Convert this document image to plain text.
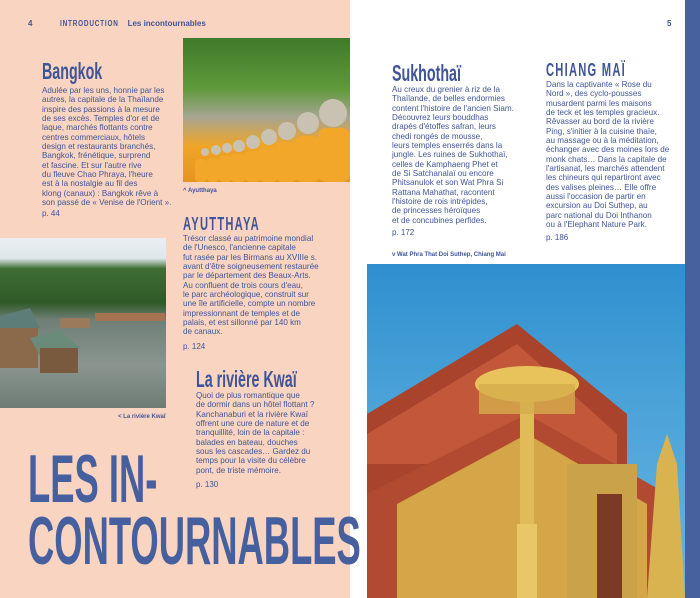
4	INTRODUCTION Les incontournables	5
Bangkok
Adulée par les uns, honnie par les
autres, la capitale de la Thaïlande
inspire des passions à la mesure
de ses excès. Temples d'or et de
laque, marchés flottants contre
centres commerciaux, hôtels
design et restaurants branchés,
Bangkok, frénétique, surprend
et fascine. Et sur l'autre rive
du fleuve Chao Phraya, l'heure
est à la nostalgie au fil des
klong (canaux) : Bangkok rêve à
son passé de « Venise de l'Orient ».
p. 44
^ Ayutthaya
AYUTTHAYA
Trésor classé au patrimoine mondial
de l'Unesco, l'ancienne capitale
fut rasée par les Birmans au XVIIIe s.
avant d'être soigneusement restaurée
par le département des Beaux-Arts.
Au confluent de trois cours d'eau,
le parc archéologique, construit sur
une île artificielle, compte un nombre
impressionnant de temples et de
palais, et est sillonné par 140 km
de canaux.
p. 124
< La rivière Kwaï
La rivière Kwaï
Quoi de plus romantique que
de dormir dans un hôtel flottant ?
Kanchanaburi et la rivière Kwaï
offrent une cure de nature et de
tranquillité, loin de la capitale :
balades en bateau, douches
sous les cascades… Gardez du
temps pour la visite du célèbre
pont, de triste mémoire.
p. 130
LES IN-
CONTOURNABLES
Sukhothaï
Au creux du grenier à riz de la
Thaïlande, de belles endormies
content l'histoire de l'ancien Siam.
Découvrez leurs bouddhas
drapés d'étoffes safran, leurs
chedi rongés de mousse,
leurs temples enserrés dans la
jungle. Les ruines de Sukhothaï,
celles de Kamphaeng Phet et
de Si Satchanalaï ou encore
Phitsanulok et son Wat Phra Si
Rattana Mahathat, racontent
l'histoire de rois intrépides,
de princesses héroïques
et de concubines perfides.
p. 172
CHIANG MAÏ
Dans la captivante « Rose du
Nord », des cyclo-pousses
musardent parmi les maisons
de teck et les temples gracieux.
Rêvasser au bord de la rivière
Ping, s'initier à la cuisine thaïe,
au massage ou à la méditation,
échanger avec des moines lors de
monk chats… Dans la capitale de
l'artisanat, les marchés attendent
les chineurs qui repartiront avec
des valises pleines… Elle offre
aussi l'occasion de partir en
excursion au Doi Suthep, au
parc national du Doi Inthanon
ou à l'Elephant Nature Park.
p. 186
v Wat Phra That Doi Suthep, Chiang Mai
